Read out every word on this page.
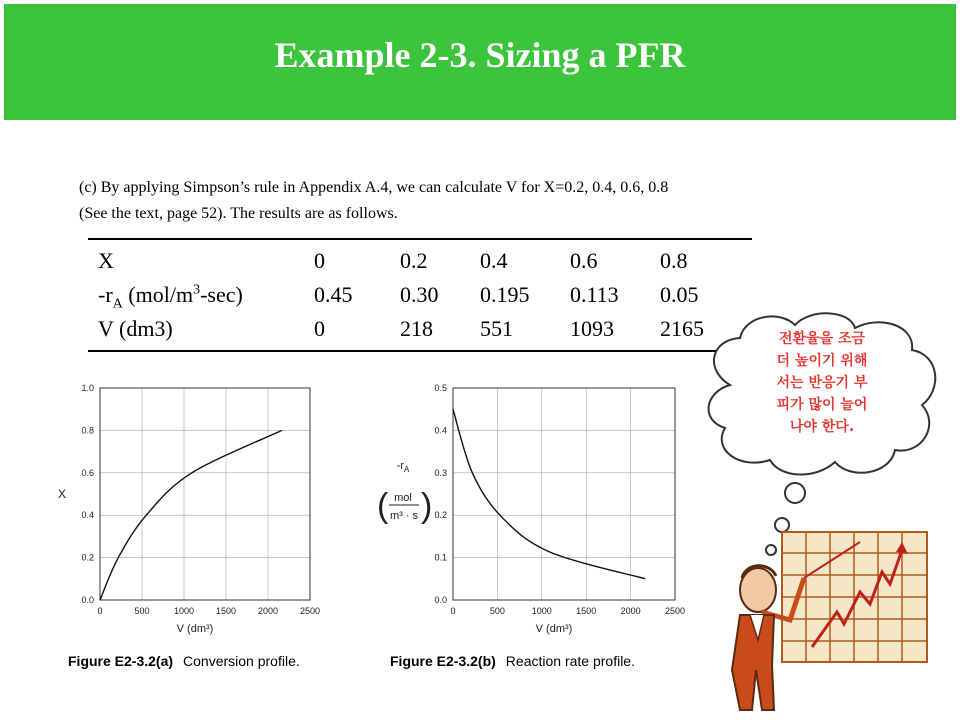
Example 2-3. Sizing a PFR
(c) By applying Simpson’s rule in Appendix A.4, we can calculate V for X=0.2, 0.4, 0.6, 0.8
(See the text, page 52). The results are as follows.
X	0	0.2 0.4	0.6	0.8
$-r_A$ $(mol/m^3-\sec)$	0.45 0.30 0.195 0.113 0.05
V (dm3)	0	218 551	1093 2165
0.0
0.2
0.4
0.6
0.8
1.0
0	500	1000 1500 2000 2500
V (dm³)
X
Figure E2-3.2(a) Conversion profile.
0.0
0.1
0.2
0.3
0.4
0.5
0	500	1000	1500	2000	2500
V (dm³)
$-r_A$
( mol
m³ · s )
Figure E2-3.2(b) Reaction rate profile.
전환율을 조금
더 높이기 위해
서는 반응기 부
피가 많이 늘어
나야 한다.
